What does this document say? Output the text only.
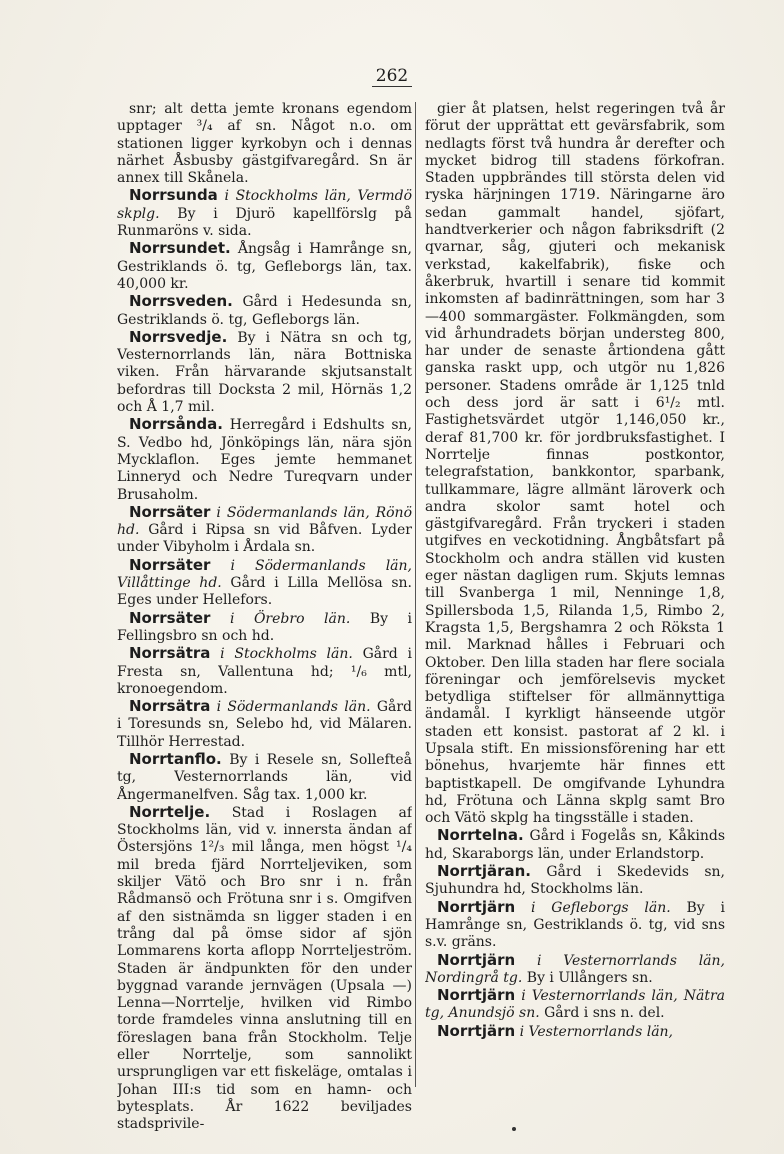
262

snr; alt detta jemte kronans egendom upptager ³/₄ af sn. Något n.o. om stationen ligger kyrkobyn och i dennas närhet Åsbusby gästgifvaregård. Sn är annex till Skånela.

Norrsunda i Stockholms län, Vermdö skplg. By i Djurö kapellförslg på Runmaröns v. sida.

Norrsundet. Ångsåg i Hamrånge sn, Gestriklands ö. tg, Gefleborgs län, tax. 40,000 kr.

Norrsveden. Gård i Hedesunda sn, Gestriklands ö. tg, Gefleborgs län.

Norrsvedje. By i Nätra sn och tg, Vesternorrlands län, nära Bottniska viken. Från härvarande skjutsanstalt befordras till Docksta 2 mil, Hörnäs 1,2 och Å 1,7 mil.

Norrsånda. Herregård i Edshults sn, S. Vedbo hd, Jönköpings län, nära sjön Mycklaflon. Eges jemte hemmanet Linneryd och Nedre Tureqvarn under Brusaholm.

Norrsäter i Södermanlands län, Rönö hd. Gård i Ripsa sn vid Båfven. Lyder under Vibyholm i Årdala sn.

Norrsäter i Södermanlands län, Villåttinge hd. Gård i Lilla Mellösa sn. Eges under Hellefors.

Norrsäter i Örebro län. By i Fellingsbro sn och hd.

Norrsätra i Stockholms län. Gård i Fresta sn, Vallentuna hd; ¹/₆ mtl, kronoegendom.

Norrsätra i Södermanlands län. Gård i Toresunds sn, Selebo hd, vid Mälaren. Tillhör Herrestad.

Norrtanflo. By i Resele sn, Sollefteå tg, Vesternorrlands län, vid Ångermanelfven. Såg tax. 1,000 kr.

Norrtelje. Stad i Roslagen af Stockholms län, vid v. innersta ändan af Östersjöns 1²/₃ mil långa, men högst ¹/₄ mil breda fjärd Norrteljeviken, som skiljer Vätö och Bro snr i n. från Rådmansö och Frötuna snr i s. Omgifven af den sistnämda sn ligger staden i en trång dal på ömse sidor af sjön Lommarens korta aflopp Norrteljeström. Staden är ändpunkten för den under byggnad varande jernvägen (Upsala —) Lenna—Norrtelje, hvilken vid Rimbo torde framdeles vinna anslutning till en föreslagen bana från Stockholm. Telje eller Norrtelje, som sannolikt ursprungligen var ett fiskeläge, omtalas i Johan III:s tid som en hamn- och bytesplats. År 1622 beviljades stadsprivile-

gier åt platsen, helst regeringen två år förut der upprättat ett gevärsfabrik, som nedlagts först två hundra år derefter och mycket bidrog till stadens förkofran. Staden uppbrändes till största delen vid ryska härjningen 1719. Näringarne äro sedan gammalt handel, sjöfart, handtverkerier och någon fabriksdrift (2 qvarnar, såg, gjuteri och mekanisk verkstad, kakelfabrik), fiske och åkerbruk, hvartill i senare tid kommit inkomsten af badinrättningen, som har 3—400 sommargäster. Folkmängden, som vid århundradets början understeg 800, har under de senaste årtiondena gått ganska raskt upp, och utgör nu 1,826 personer. Stadens område är 1,125 tnld och dess jord är satt i 6¹/₂ mtl. Fastighetsvärdet utgör 1,146,050 kr., deraf 81,700 kr. för jordbruksfastighet. I Norrtelje finnas postkontor, telegrafstation, bankkontor, sparbank, tullkammare, lägre allmänt läroverk och andra skolor samt hotel och gästgifvaregård. Från tryckeri i staden utgifves en veckotidning. Ångbåtsfart på Stockholm och andra ställen vid kusten eger nästan dagligen rum. Skjuts lemnas till Svanberga 1 mil, Nenninge 1,8, Spillersboda 1,5, Rilanda 1,5, Rimbo 2, Kragsta 1,5, Bergshamra 2 och Röksta 1 mil. Marknad hålles i Februari och Oktober. Den lilla staden har flere sociala föreningar och jemförelsevis mycket betydliga stiftelser för allmännyttiga ändamål. I kyrkligt hänseende utgör staden ett konsist. pastorat af 2 kl. i Upsala stift. En missionsförening har ett bönehus, hvarjemte här finnes ett baptistkapell. De omgifvande Lyhundra hd, Frötuna och Länna skplg samt Bro och Vätö skplg ha tingsställe i staden.

Norrtelna. Gård i Fogelås sn, Kåkinds hd, Skaraborgs län, under Erlandstorp.

Norrtjäran. Gård i Skedevids sn, Sjuhundra hd, Stockholms län.

Norrtjärn i Gefleborgs län. By i Hamrånge sn, Gestriklands ö. tg, vid sns s.v. gräns.

Norrtjärn i Vesternorrlands län, Nordingrå tg. By i Ullångers sn.

Norrtjärn i Vesternorrlands län, Nätra tg, Anundsjö sn. Gård i sns n. del.

Norrtjärn i Vesternorrlands län,
